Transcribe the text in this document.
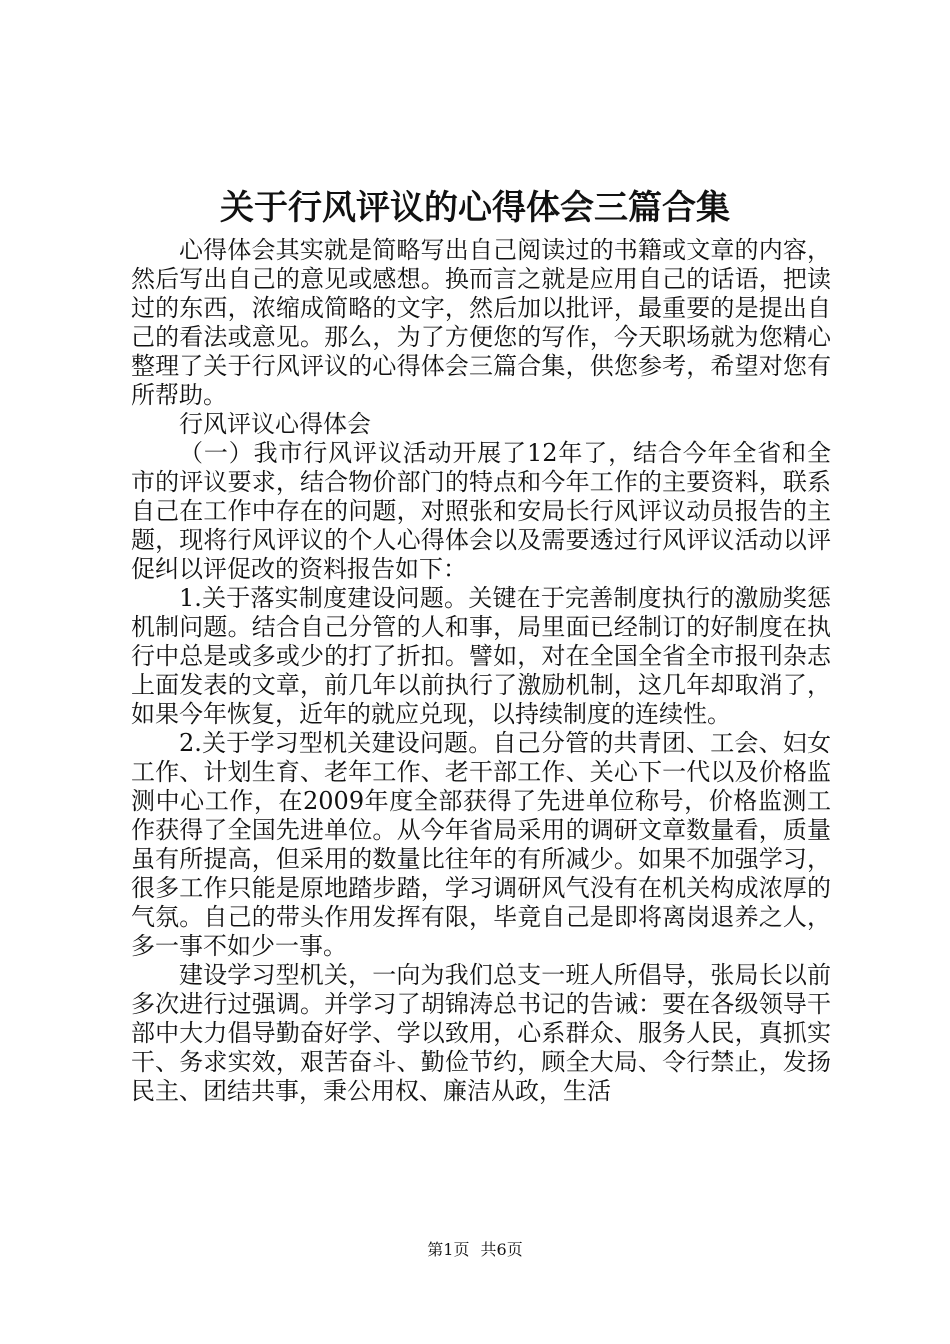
关于行风评议的心得体会三篇合集

心得体会其实就是简略写出自己阅读过的书籍或文章的内容，然后写出自己的意见或感想。换而言之就是应用自己的话语，把读过的东西，浓缩成简略的文字，然后加以批评，最重要的是提出自己的看法或意见。那么，为了方便您的写作，今天职场就为您精心整理了关于行风评议的心得体会三篇合集，供您参考，希望对您有所帮助。

行风评议心得体会

（一）我市行风评议活动开展了12年了，结合今年全省和全市的评议要求，结合物价部门的特点和今年工作的主要资料，联系自己在工作中存在的问题，对照张和安局长行风评议动员报告的主题，现将行风评议的个人心得体会以及需要透过行风评议活动以评促纠以评促改的资料报告如下：

1.关于落实制度建设问题。关键在于完善制度执行的激励奖惩机制问题。结合自己分管的人和事，局里面已经制订的好制度在执行中总是或多或少的打了折扣。譬如，对在全国全省全市报刊杂志上面发表的文章，前几年以前执行了激励机制，这几年却取消了，如果今年恢复，近年的就应兑现，以持续制度的连续性。

2.关于学习型机关建设问题。自己分管的共青团、工会、妇女工作、计划生育、老年工作、老干部工作、关心下一代以及价格监测中心工作，在2009年度全部获得了先进单位称号，价格监测工作获得了全国先进单位。从今年省局采用的调研文章数量看，质量虽有所提高，但采用的数量比往年的有所减少。如果不加强学习，很多工作只能是原地踏步踏，学习调研风气没有在机关构成浓厚的气氛。自己的带头作用发挥有限，毕竟自己是即将离岗退养之人，多一事不如少一事。

建设学习型机关，一向为我们总支一班人所倡导，张局长以前多次进行过强调。并学习了胡锦涛总书记的告诫：要在各级领导干部中大力倡导勤奋好学、学以致用，心系群众、服务人民，真抓实干、务求实效，艰苦奋斗、勤俭节约，顾全大局、令行禁止，发扬民主、团结共事，秉公用权、廉洁从政，生活

第1页 共6页
